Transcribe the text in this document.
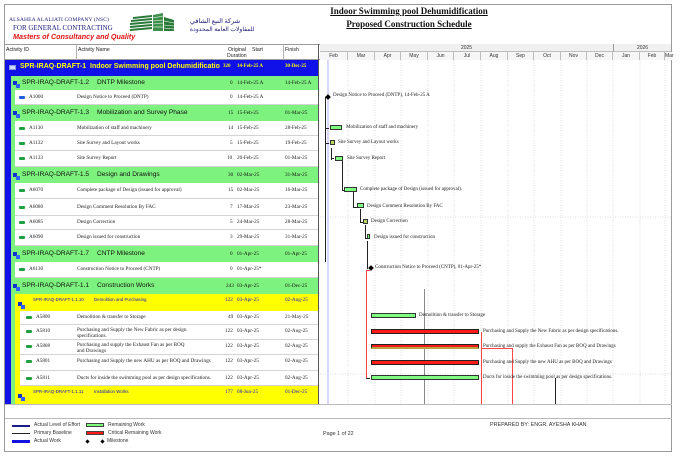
ALSAHEA ALALIATI COMPANY (NSC)
FOR GENERAL CONTRACTING
Masters of Consultancy and Quality
شركة النبع الشافي
للمقاولات العامة المحدودة
Indoor Swimming pool Dehumidification
Proposed Construction Schedule
Activity ID	Activity Name	Original
Duration
Start	Finish	2025	2026
Feb	Mar	Apr	May	Jun	Jul	Aug	Sep	Oct	Nov	Dec	Jan	Feb	Mar
SPR-IRAQ-DRAFT-1 Indoor Swimming pool Dehumidificatio 320 14-Feb-25 A	30-Dec-25
SPR-IRAQ-DRAFT-1.2 DNTP Milestone	0 14-Feb-25 A	14-Feb-25 A
A1000	Design Notice to Proceed (DNTP)	0 14-Feb-25 A
SPR-IRAQ-DRAFT-1.3 Mobilization and Survey Phase	15 15-Feb-25	01-Mar-25
A1130	Mobilization of staff and machinery	14 15-Feb-25	28-Feb-25
A1132	Site Survey and Layout works	5 15-Feb-25	19-Feb-25
A1133	Site Survey Report	10 20-Feb-25	01-Mar-25
SPR-IRAQ-DRAFT-1.5 Design and Drawings	30 02-Mar-25	31-Mar-25
A6070	Complete package of Design (issued for approval)	15 02-Mar-25	16-Mar-25
A6080	Design Comment Resolution By FAC	7 17-Mar-25	23-Mar-25
A6085	Design Correction	5 24-Mar-25	28-Mar-25
A6090	Design issued for construction	3 29-Mar-25	31-Mar-25
SPR-IRAQ-DRAFT-1.7 CNTP Milestone	0 01-Apr-25	01-Apr-25
A6130	Construction Notice to Proceed (CNTP)	0 01-Apr-25*
SPR-IRAQ-DRAFT-1.1 Construction Works	243 03-Apr-25	01-Dec-25
SPR-IRAQ-DRAFT-1.1.10 Demolition and Purchasing	122 03-Apr-25	02-Aug-25
A5800	Demolition & transfer to Storage	49 03-Apr-25	21-May-25
A5810	Purchasing and Supply the New Fabric as per design specifications.
122 03-Apr-25	02-Aug-25
A5808	Purchasing and supply the Exhaust Fan as per BOQ and Drawings
122 03-Apr-25	02-Aug-25
A5801	Purchasing and Supply the new AHU as per BOQ and Drawings	122 03-Apr-25	02-Aug-25
A5811	Ducts for inside the swimming pool as per design specifications.	122 03-Apr-25	02-Aug-25
SPR-IRAQ-DRAFT-1.1.11 Installation Works	177 08-Jun-25	01-Dec-25
Design Notice to Proceed (DNTP), 14-Feb-25 A
Mobilization of staff and machinery
Site Survey and Layout works
Site Survey Report
Complete package of Design (issued for approval).
Design Comment Resolution By FAC
Design Correction
Design issued for construction
Construction Notice to Proceed (CNTP), 01-Apr-25*
Demolition & transfer to Storage
Purchasing and Supply the New Fabric as per design specifications.
Purchasing and supply the Exhaust Fan as per BOQ and Drawings
Purchasing and Supply the new AHU as per BOQ and Drawings
Ducts for inside the swimming pool as per design specifications.
Actual Level of Effort
Primary Baseline
Actual Work
Remaining Work
Critical Remaining Work
Milestone
Page 1 of 22
PREPARED BY: ENGR. AYESHA KHAN
